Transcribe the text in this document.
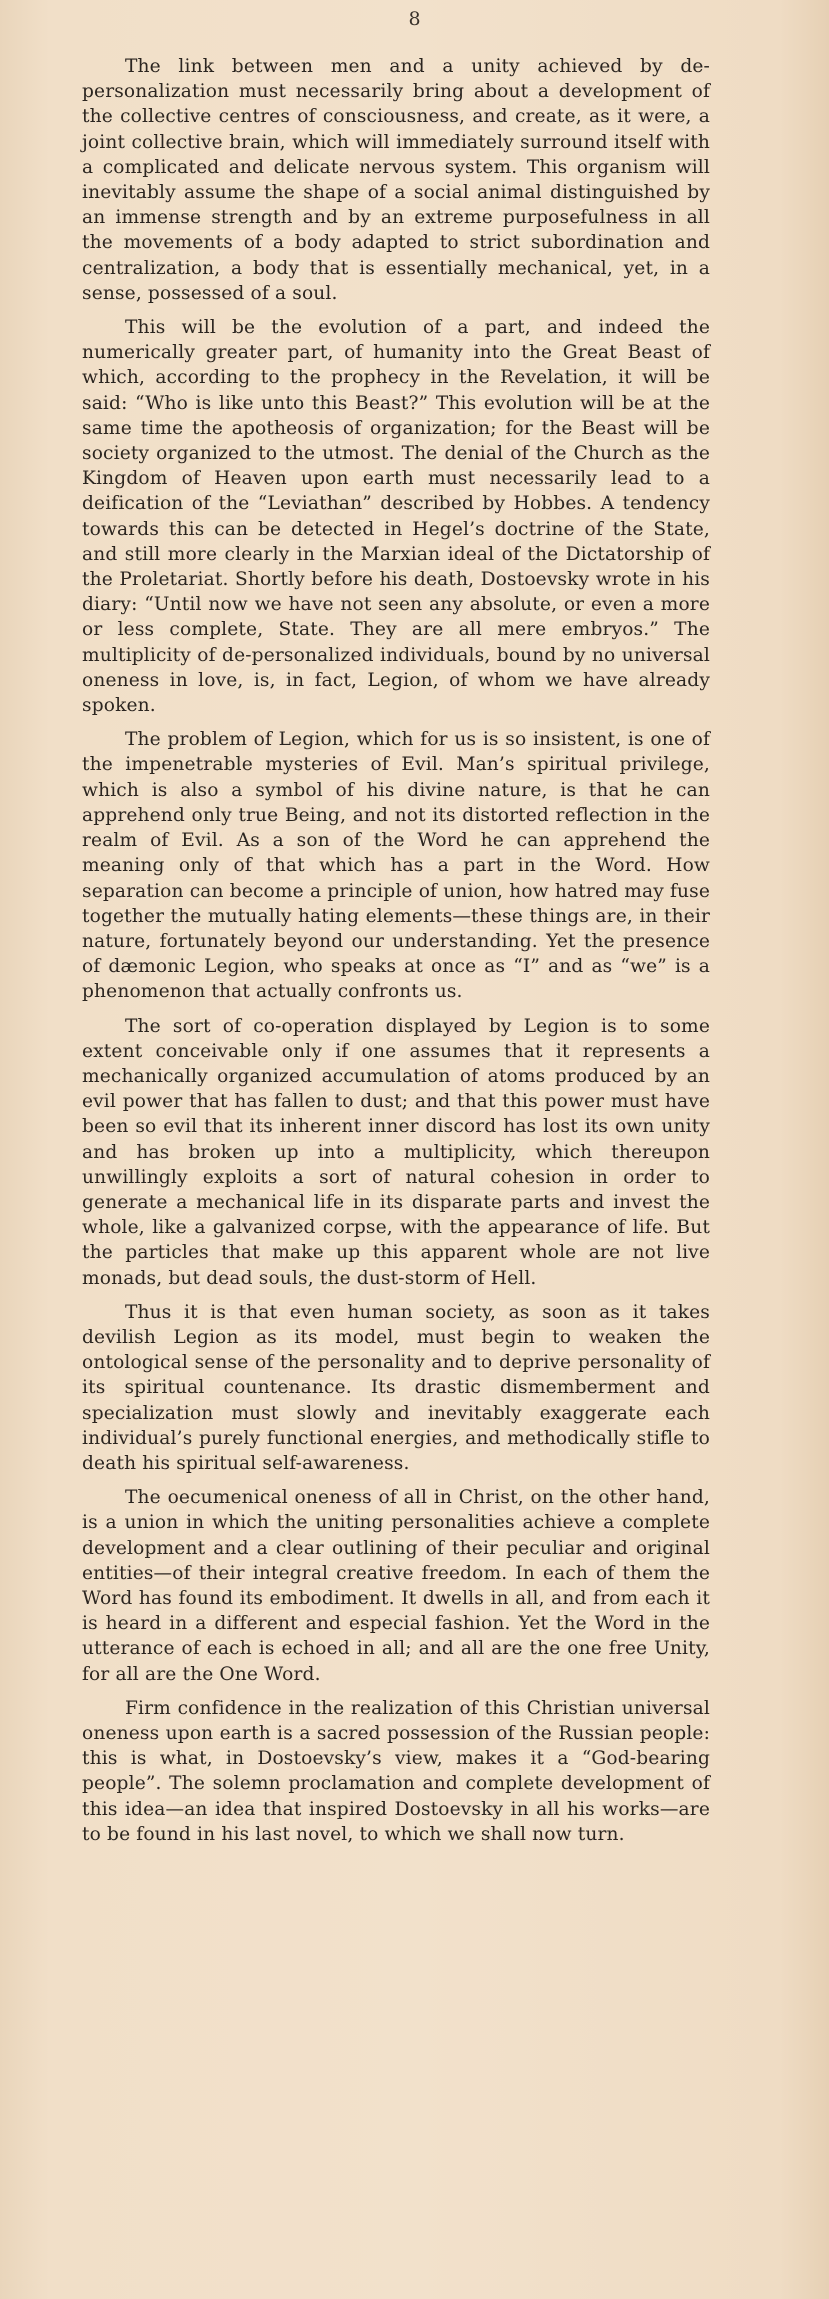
8

The link between men and a unity achieved by de-personalization must necessarily bring about a development of the collective centres of consciousness, and create, as it were, a joint collective brain, which will immediately surround itself with a complicated and delicate nervous system. This organism will inevitably assume the shape of a social animal distinguished by an immense strength and by an extreme purposefulness in all the movements of a body adapted to strict subordination and centralization, a body that is essentially mechanical, yet, in a sense, possessed of a soul.

This will be the evolution of a part, and indeed the numerically greater part, of humanity into the Great Beast of which, according to the prophecy in the Revelation, it will be said: “Who is like unto this Beast?” This evolution will be at the same time the apotheosis of organization; for the Beast will be society organized to the utmost. The denial of the Church as the Kingdom of Heaven upon earth must necessarily lead to a deification of the “Leviathan” described by Hobbes. A tendency towards this can be detected in Hegel’s doctrine of the State, and still more clearly in the Marxian ideal of the Dictatorship of the Proletariat. Shortly before his death, Dostoevsky wrote in his diary: “Until now we have not seen any absolute, or even a more or less complete, State. They are all mere embryos.” The multiplicity of de-personalized individuals, bound by no universal oneness in love, is, in fact, Legion, of whom we have already spoken.

The problem of Legion, which for us is so insistent, is one of the impenetrable mysteries of Evil. Man’s spiritual privilege, which is also a symbol of his divine nature, is that he can apprehend only true Being, and not its distorted reflection in the realm of Evil. As a son of the Word he can apprehend the meaning only of that which has a part in the Word. How separation can become a principle of union, how hatred may fuse together the mutually hating elements—these things are, in their nature, fortunately beyond our understanding. Yet the presence of dæmonic Legion, who speaks at once as “I” and as “we” is a phenomenon that actually confronts us.

The sort of co-operation displayed by Legion is to some extent conceivable only if one assumes that it represents a mechanically organized accumulation of atoms produced by an evil power that has fallen to dust; and that this power must have been so evil that its inherent inner discord has lost its own unity and has broken up into a multiplicity, which thereupon unwillingly exploits a sort of natural cohesion in order to generate a mechanical life in its disparate parts and invest the whole, like a galvanized corpse, with the appearance of life. But the particles that make up this apparent whole are not live monads, but dead souls, the dust-storm of Hell.

Thus it is that even human society, as soon as it takes devilish Legion as its model, must begin to weaken the ontological sense of the personality and to deprive personality of its spiritual countenance. Its drastic dismemberment and specialization must slowly and inevitably exaggerate each individual’s purely functional energies, and methodically stifle to death his spiritual self-awareness.

The oecumenical oneness of all in Christ, on the other hand, is a union in which the uniting personalities achieve a complete development and a clear outlining of their peculiar and original entities—of their integral creative freedom. In each of them the Word has found its embodiment. It dwells in all, and from each it is heard in a different and especial fashion. Yet the Word in the utterance of each is echoed in all; and all are the one free Unity, for all are the One Word.

Firm confidence in the realization of this Christian universal oneness upon earth is a sacred possession of the Russian people: this is what, in Dostoevsky’s view, makes it a “God-bearing people”. The solemn proclamation and complete development of this idea—an idea that inspired Dostoevsky in all his works—are to be found in his last novel, to which we shall now turn.
